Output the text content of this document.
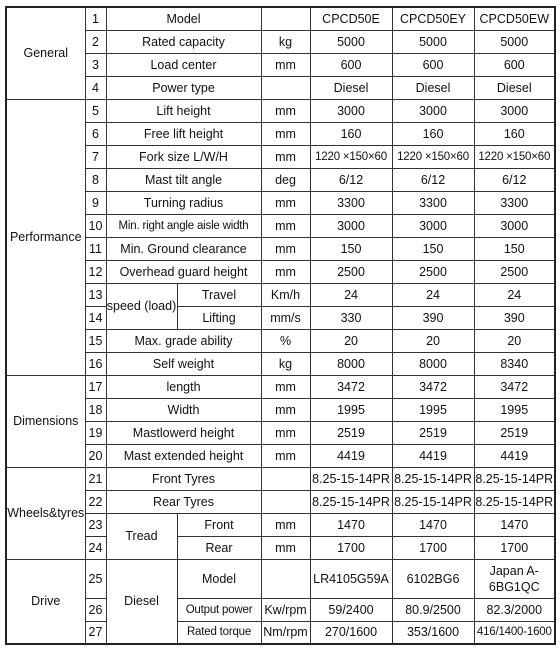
General	1	Model			CPCD50E	CPCD50EY	CPCD50EW
	2	Rated capacity		kg	5000	5000	5000
	3	Load center		mm	600	600	600
	4	Power type			Diesel	Diesel	Diesel
Performance	5	Lift height		mm	3000	3000	3000
	6	Free lift height		mm	160	160	160
	7	Fork size L/W/H		mm	1220 ×150×60	1220 ×150×60	1220 ×150×60
	8	Mast tilt angle		deg	6/12	6/12	6/12
	9	Turning radius		mm	3300	3300	3300
	10	Min. right angle aisle width		mm	3000	3000	3000
	11	Min. Ground clearance		mm	150	150	150
	12	Overhead guard height		mm	2500	2500	2500
	13	speed (load)	Travel	Km/h	24	24	24
	14		Lifting	mm/s	330	390	390
	15	Max. grade ability		%	20	20	20
	16	Self weight		kg	8000	8000	8340
Dimensions	17	length		mm	3472	3472	3472
	18	Width		mm	1995	1995	1995
	19	Mastlowerd height		mm	2519	2519	2519
	20	Mast extended height		mm	4419	4419	4419
Wheels&tyres	21	Front Tyres			8.25-15-14PR	8.25-15-14PR	8.25-15-14PR
	22	Rear Tyres			8.25-15-14PR	8.25-15-14PR	8.25-15-14PR
	23	Tread	Front	mm	1470	1470	1470
	24		Rear	mm	1700	1700	1700
Drive	25	Diesel	Model		LR4105G59A	6102BG6	Japan A-6BG1QC
	26		Output power	Kw/rpm	59/2400	80.9/2500	82.3/2000
	27		Rated torque	Nm/rpm	270/1600	353/1600	416/1400-1600
